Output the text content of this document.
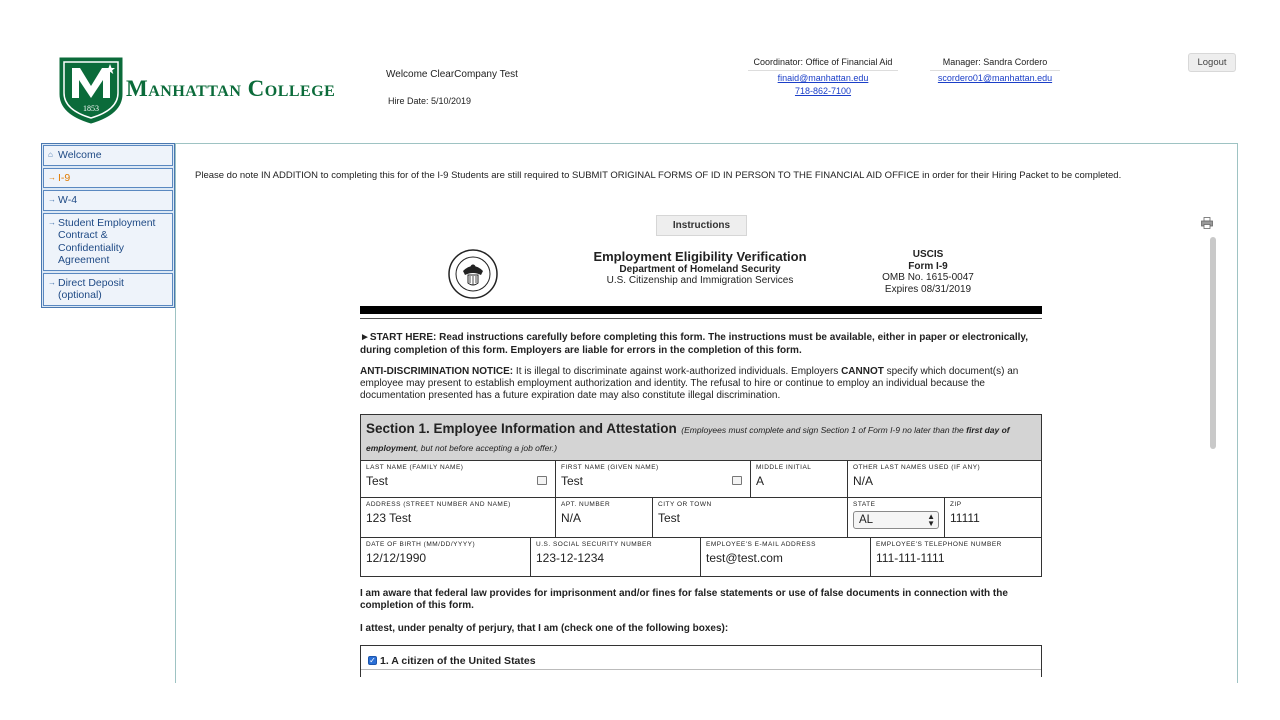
1853
Manhattan College
Welcome ClearCompany Test
Hire Date: 5/10/2019
Coordinator: Office of Financial Aid
finaid@manhattan.edu
718-862-7100
Manager: Sandra Cordero
scordero01@manhattan.edu
Logout
⌂ Welcome
→ I-9
→ W-4
→ Student Employment Contract & Confidentiality Agreement
→ Direct Deposit (optional)
Please do note IN ADDITION to completing this for of the I-9 Students are still required to SUBMIT ORIGINAL FORMS OF ID IN PERSON TO THE FINANCIAL AID OFFICE in order for their Hiring Packet to be completed.
Instructions
Employment Eligibility Verification
Department of Homeland Security
U.S. Citizenship and Immigration Services
USCIS
Form I-9
OMB No. 1615-0047
Expires 08/31/2019
►START HERE: Read instructions carefully before completing this form. The instructions must be available, either in paper or electronically, during completion of this form. Employers are liable for errors in the completion of this form.
ANTI-DISCRIMINATION NOTICE: It is illegal to discriminate against work-authorized individuals. Employers CANNOT specify which document(s) an employee may present to establish employment authorization and identity. The refusal to hire or continue to employ an individual because the documentation presented has a future expiration date may also constitute illegal discrimination.
Section 1. Employee Information and Attestation (Employees must complete and sign Section 1 of Form I-9 no later than the first day of employment, but not before accepting a job offer.)
LAST NAME (FAMILY NAME)
Test
FIRST NAME (GIVEN NAME)
Test
MIDDLE INITIAL
A
OTHER LAST NAMES USED (IF ANY)
N/A
ADDRESS (STREET NUMBER AND NAME)
123 Test
APT. NUMBER
N/A
CITY OR TOWN
Test
STATE
AL	▲
▼
ZIP
11111
DATE OF BIRTH (MM/DD/YYYY)
12/12/1990
U.S. SOCIAL SECURITY NUMBER
123-12-1234
EMPLOYEE'S E-MAIL ADDRESS
test@test.com
EMPLOYEE'S TELEPHONE NUMBER
111-111-1111
I am aware that federal law provides for imprisonment and/or fines for false statements or use of false documents in connection with the completion of this form.
I attest, under penalty of perjury, that I am (check one of the following boxes):
✓ 1. A citizen of the United States
